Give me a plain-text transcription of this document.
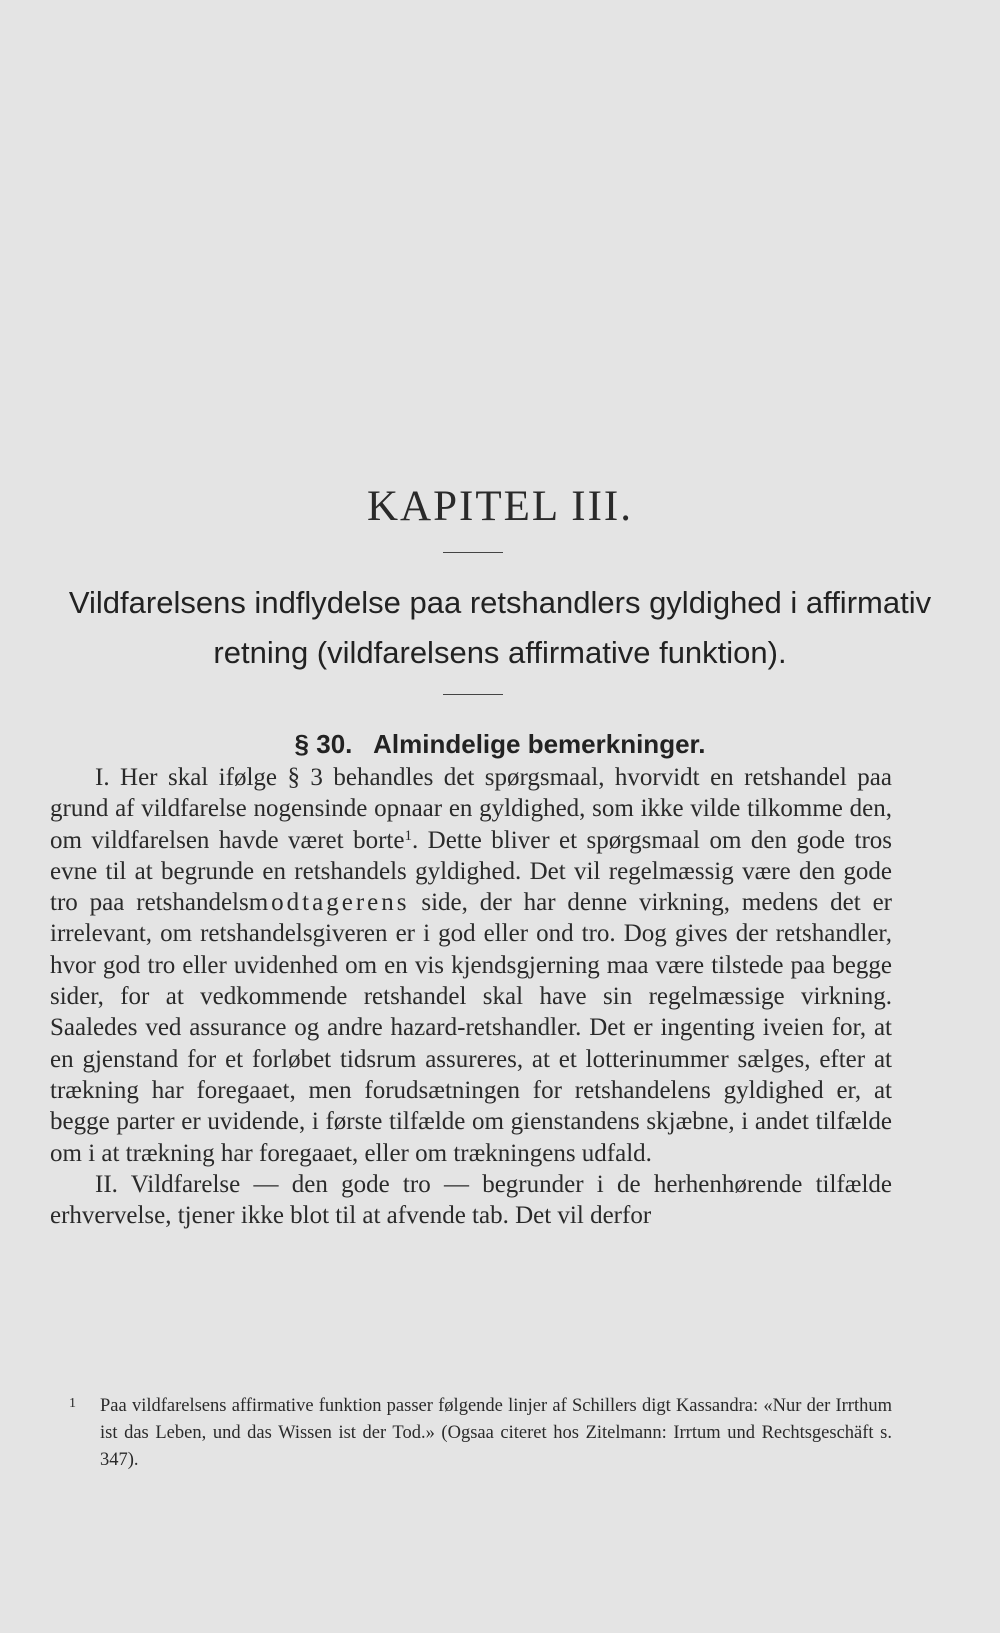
KAPITEL III.
Vildfarelsens indflydelse paa retshandlers gyldighed i affirmativ
retning (vildfarelsens affirmative funktion).
§ 30. Almindelige bemerkninger.

I. Her skal ifølge § 3 behandles det spørgsmaal, hvorvidt en retshandel paa grund af vildfarelse nogensinde opnaar en gyldighed, som ikke vilde tilkomme den, om vildfarelsen havde været borte$^1$. Dette bliver et spørgsmaal om den gode tros evne til at begrunde en retshandels gyldighed. Det vil regelmæssig være den gode tro paa retshandelsmodtagerens side, der har denne virkning, medens det er irrelevant, om retshandelsgiveren er i god eller ond tro. Dog gives der retshandler, hvor god tro eller uvidenhed om en vis kjendsgjerning maa være tilstede paa begge sider, for at vedkommende retshandel skal have sin regelmæssige virkning. Saaledes ved assurance og andre hazard-retshandler. Det er ingenting iveien for, at en gjenstand for et forløbet tidsrum assureres, at et lotterinummer sælges, efter at trækning har foregaaet, men forudsætningen for retshandelens gyldighed er, at begge parter er uvidende, i første tilfælde om gienstandens skjæbne, i andet tilfælde om i at trækning har foregaaet, eller om trækningens udfald.

II. Vildfarelse — den gode tro — begrunder i de herhenhørende tilfælde erhvervelse, tjener ikke blot til at afvende tab. Det vil derfor

1	Paa vildfarelsens affirmative funktion passer følgende linjer af Schillers digt Kassandra: «Nur der Irrthum ist das Leben, und das Wissen ist der Tod.» (Ogsaa citeret hos Zitelmann: Irrtum und Rechtsgeschäft s. 347).
